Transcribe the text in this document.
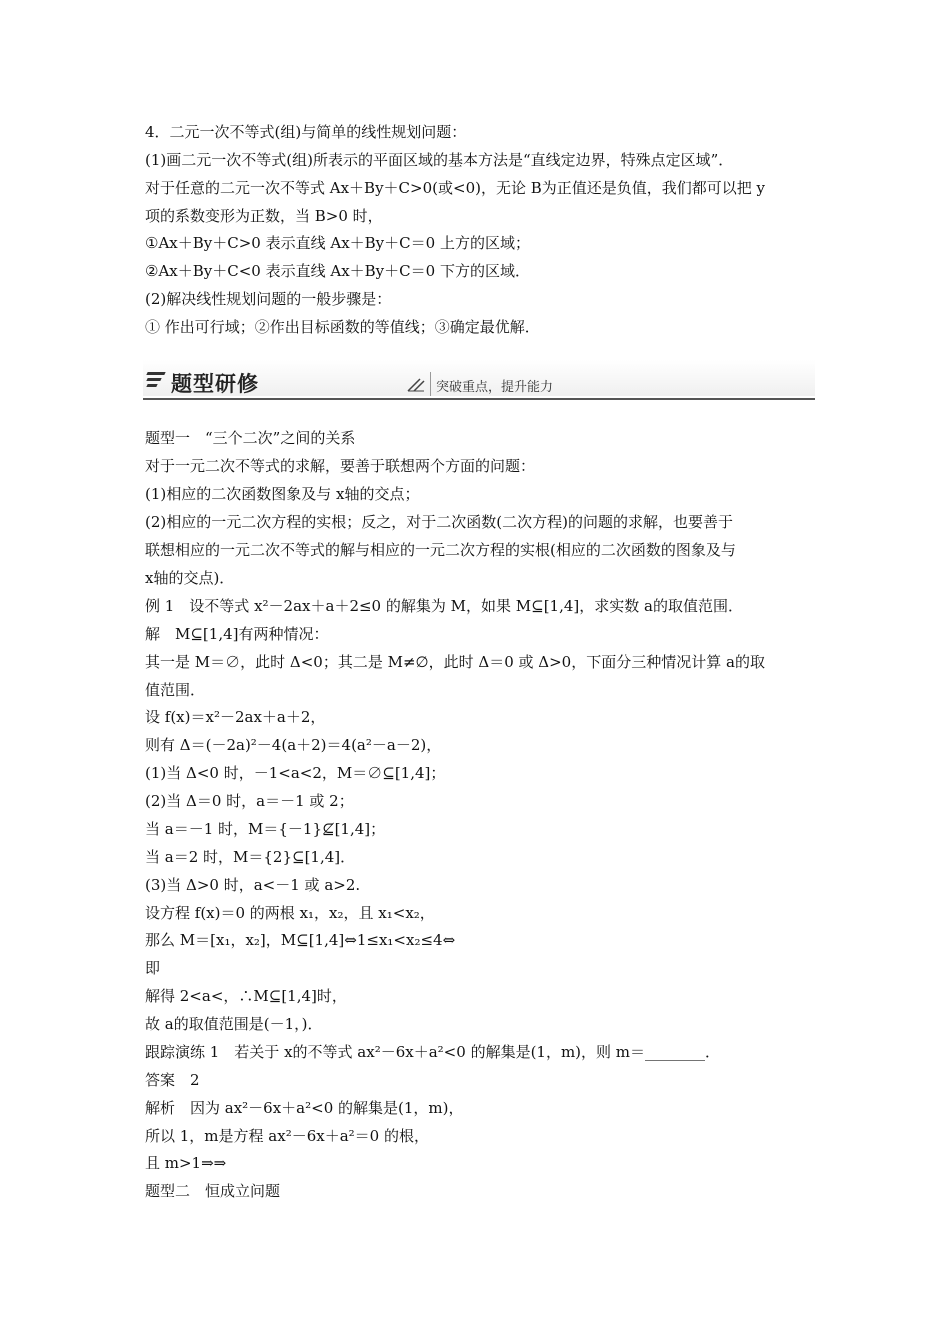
4．二元一次不等式(组)与简单的线性规划问题：
(1)画二元一次不等式(组)所表示的平面区域的基本方法是“直线定边界，特殊点定区域”．
对于任意的二元一次不等式 Ax＋By＋C>0(或<0)，无论 B为正值还是负值，我们都可以把 y
项的系数变形为正数，当 B>0 时，
①Ax＋By＋C>0 表示直线 Ax＋By＋C＝0 上方的区域；
②Ax＋By＋C<0 表示直线 Ax＋By＋C＝0 下方的区域．
(2)解决线性规划问题的一般步骤是：
① 作出可行域；②作出目标函数的等值线；③确定最优解．
题型研修	突破重点，提升能力
题型一　“三个二次”之间的关系
对于一元二次不等式的求解，要善于联想两个方面的问题：
(1)相应的二次函数图象及与 x轴的交点；
(2)相应的一元二次方程的实根；反之，对于二次函数(二次方程)的问题的求解，也要善于
联想相应的一元二次不等式的解与相应的一元二次方程的实根(相应的二次函数的图象及与
x轴的交点)．
例 1　设不等式 x²－2ax＋a＋2≤0 的解集为 M，如果 M⊆[1,4]，求实数 a的取值范围．
解　M⊆[1,4]有两种情况：
其一是 M＝∅，此时 Δ<0；其二是 M≠∅，此时 Δ＝0 或 Δ>0，下面分三种情况计算 a的取
值范围．
设 f(x)＝x²－2ax＋a＋2，
则有 Δ＝(－2a)²－4(a＋2)＝4(a²－a－2)，
(1)当 Δ<0 时，－1<a<2，M＝∅⊆[1,4]；
(2)当 Δ＝0 时，a＝－1 或 2；
当 a＝－1 时，M＝{－1}⊈[1,4]；
当 a＝2 时，M＝{2}⊆[1,4]．
(3)当 Δ>0 时，a<－1 或 a>2.
设方程 f(x)＝0 的两根 x₁，x₂，且 x₁<x₂，
那么 M＝[x₁，x₂]，M⊆[1,4]⇔1≤x₁<x₂≤4⇔
即
解得 2<a<，∴M⊆[1,4]时，
故 a的取值范围是(－1，)．
跟踪演练 1　若关于 x的不等式 ax²－6x＋a²<0 的解集是(1，m)，则 m＝________．
答案　2
解析　因为 ax²－6x＋a²<0 的解集是(1，m)，
所以 1，m是方程 ax²－6x＋a²＝0 的根，
且 m>1⇒⇒
题型二　恒成立问题
